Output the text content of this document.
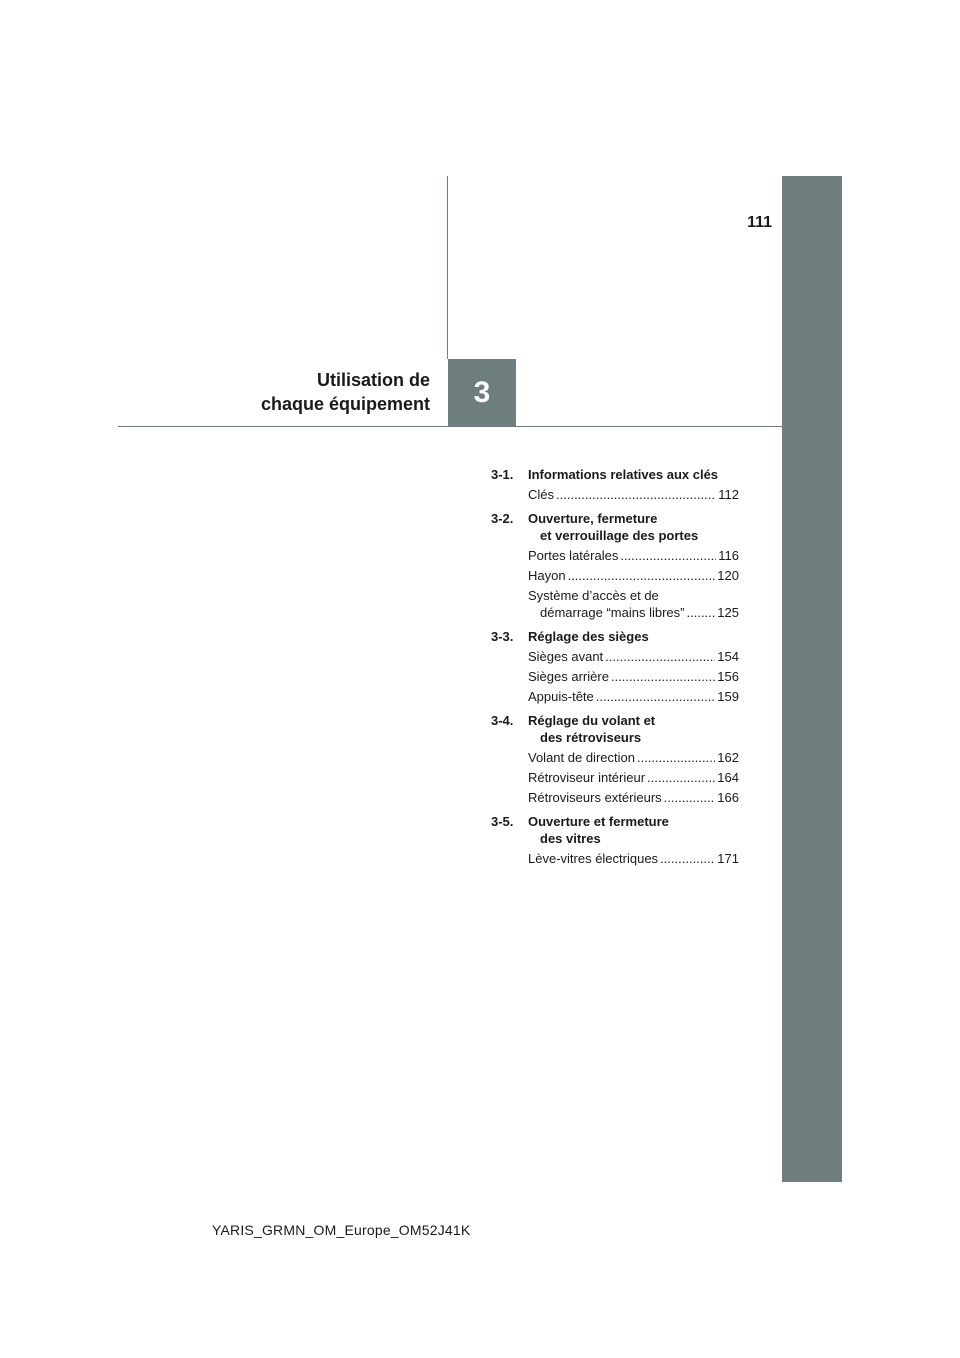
111
Utilisation de
chaque équipement 3
3-1.	Informations relatives aux clés
Clés .....	112
3-2.	Ouverture, fermeture
et verrouillage des portes
Portes latérales .....	116
Hayon .....	120
Système d’accès et de
démarrage “mains libres” .....	125
3-3.	Réglage des sièges
Sièges avant .....	154
Sièges arrière .....	156
Appuis-tête .....	159
3-4.	Réglage du volant et
des rétroviseurs
Volant de direction .....	162
Rétroviseur intérieur .....	164
Rétroviseurs extérieurs .....	166
3-5.	Ouverture et fermeture
des vitres
Lève-vitres électriques .....	171
YARIS_GRMN_OM_Europe_OM52J41K
